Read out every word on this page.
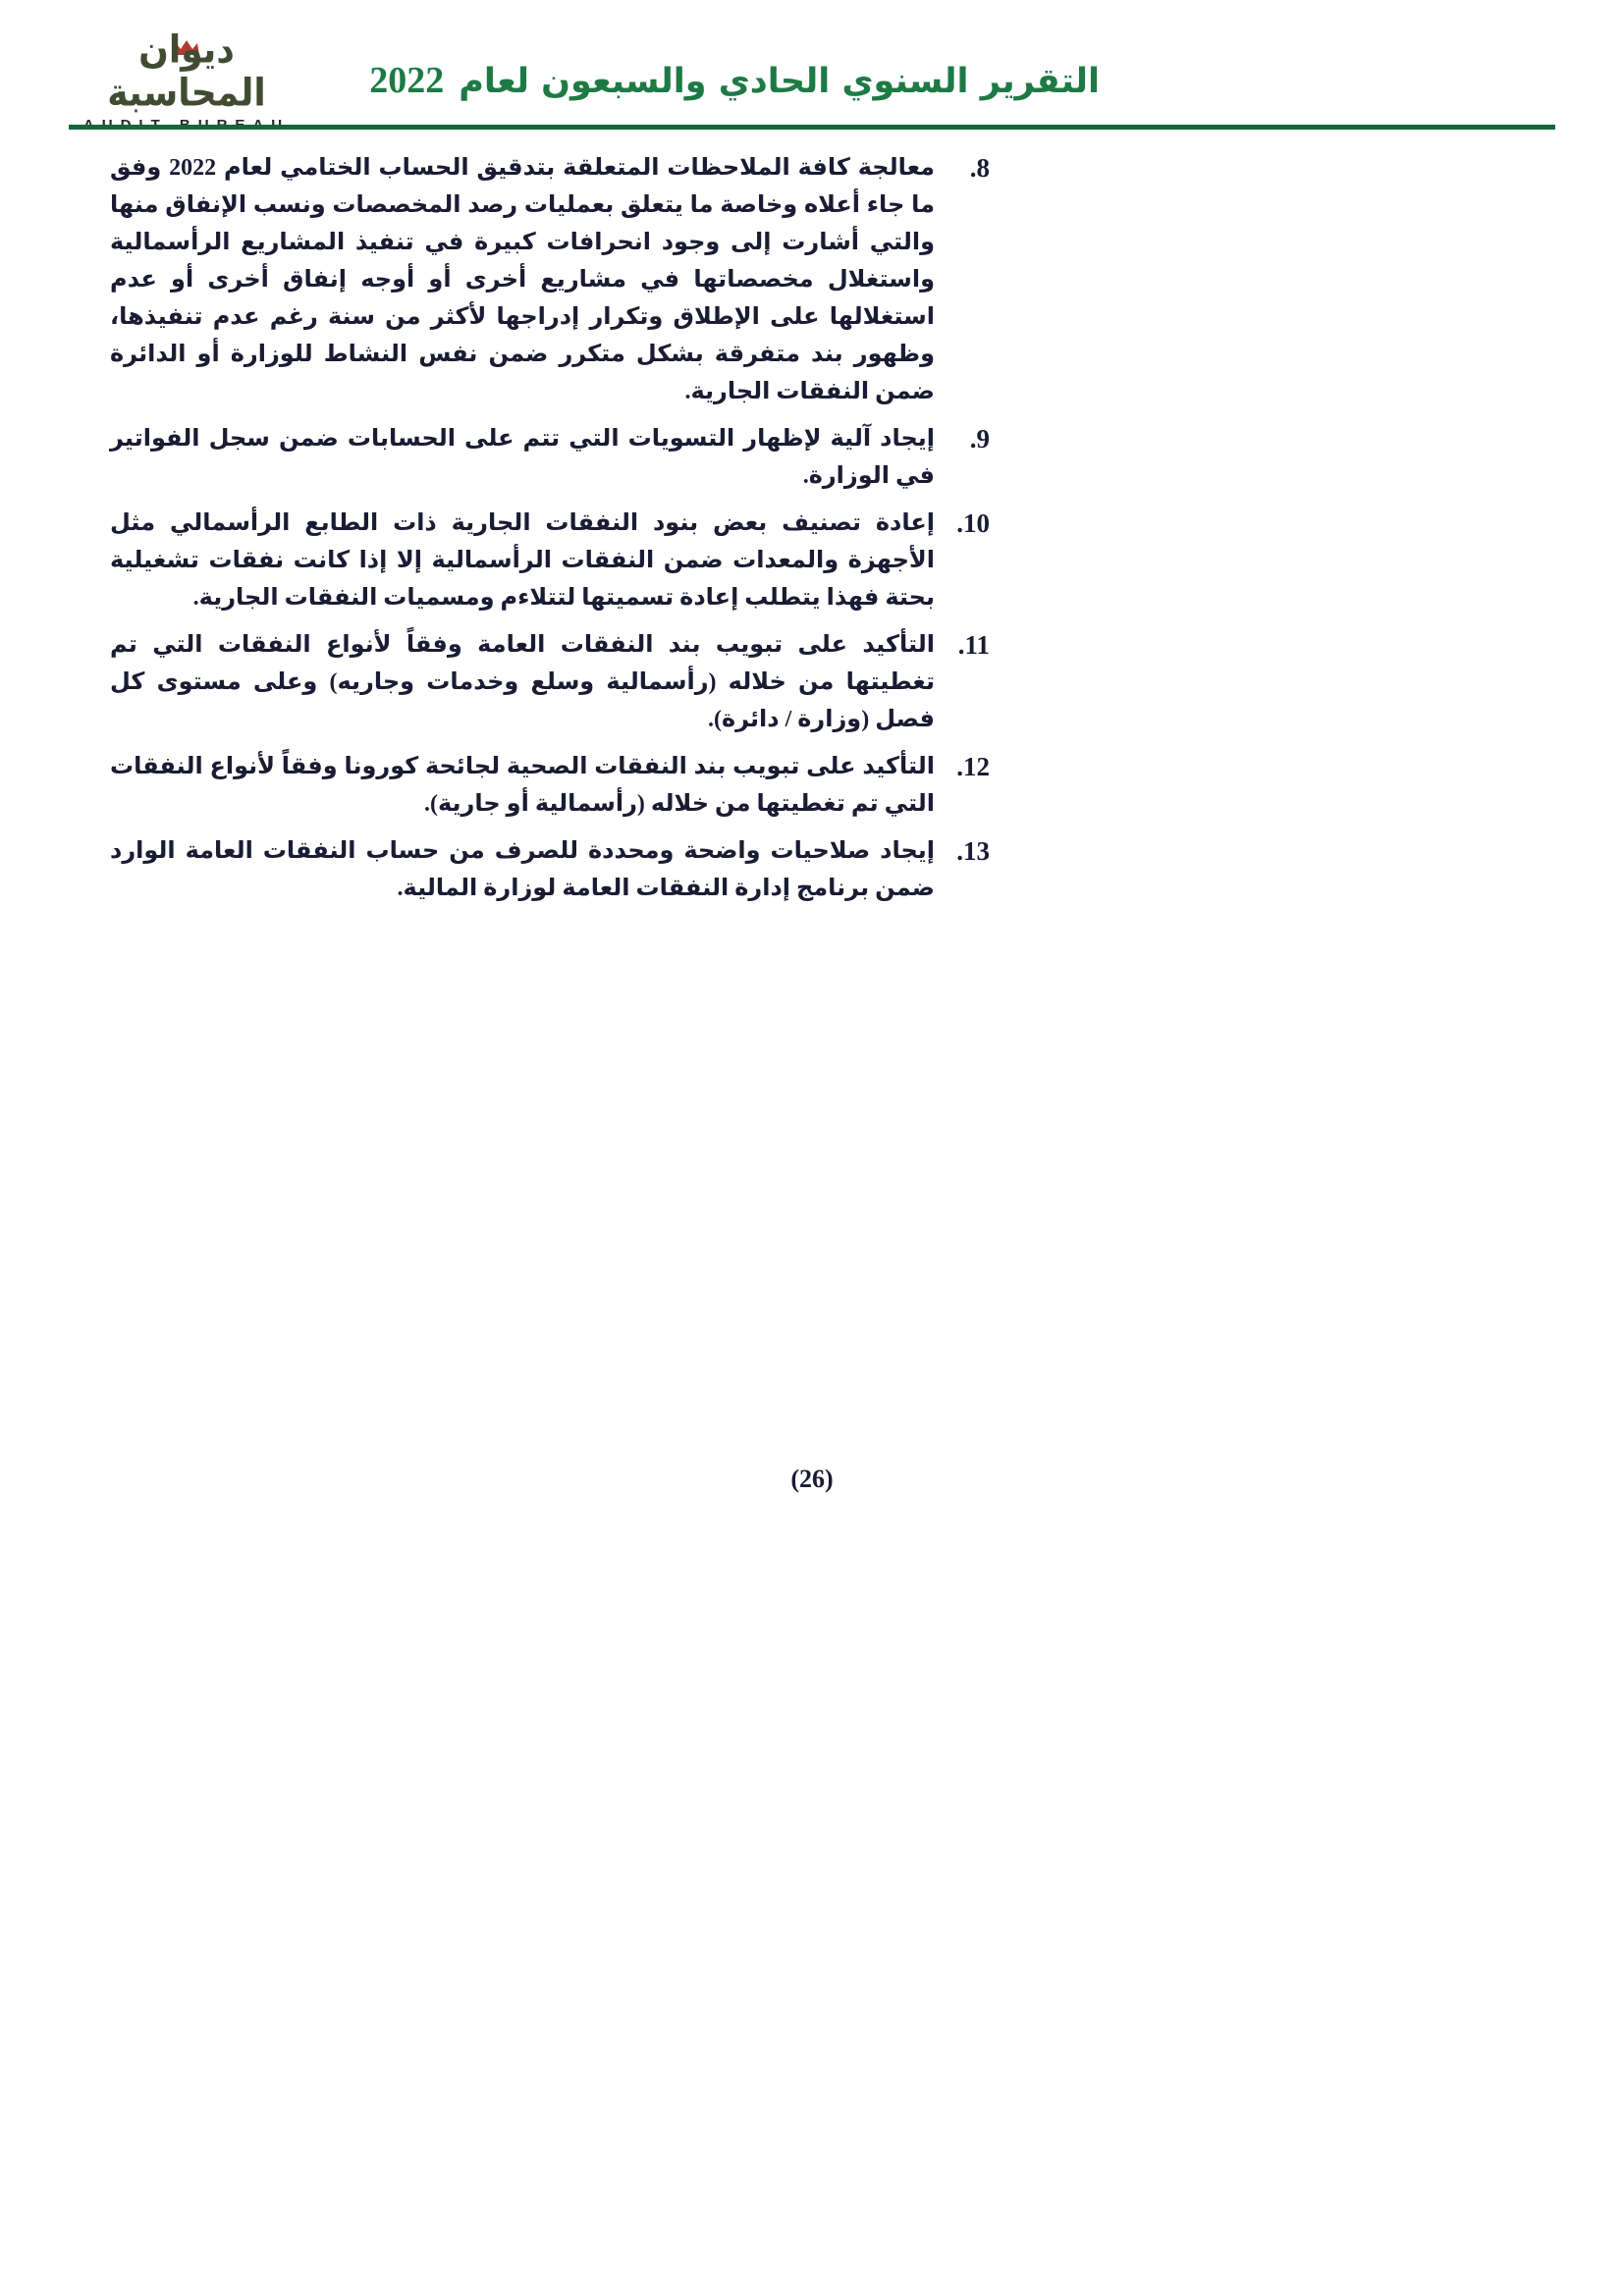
ديوان المحاسبة	التقرير السنوي الحادي والسبعون لعام 2022
.8
معالجة كافة الملاحظات المتعلقة بتدقيق الحساب الختامي لعام 2022 وفق ما جاء أعلاه وخاصة ما يتعلق بعمليات رصد المخصصات ونسب الإنفاق منها والتي أشارت إلى وجود انحرافات كبيرة في تنفيذ المشاريع الرأسمالية واستغلال مخصصاتها في مشاريع أخرى أو أوجه إنفاق أخرى أو عدم استغلالها على الإطلاق وتكرار إدراجها لأكثر من سنة رغم عدم تنفيذها، وظهور بند متفرقة بشكل متكرر ضمن نفس النشاط للوزارة أو الدائرة ضمن النفقات الجارية.
.9
إيجاد آلية لإظهار التسويات التي تتم على الحسابات ضمن سجل الفواتير في الوزارة.
.10
إعادة تصنيف بعض بنود النفقات الجارية ذات الطابع الرأسمالي مثل الأجهزة والمعدات ضمن النفقات الرأسمالية إلا إذا كانت نفقات تشغيلية بحتة فهذا يتطلب إعادة تسميتها لتتلاءم ومسميات النفقات الجارية.
.11
التأكيد على تبويب بند النفقات العامة وفقاً لأنواع النفقات التي تم تغطيتها من خلاله (رأسمالية وسلع وخدمات وجاريه) وعلى مستوى كل فصل (وزارة / دائرة).
.12
التأكيد على تبويب بند النفقات الصحية لجائحة كورونا وفقاً لأنواع النفقات التي تم تغطيتها من خلاله (رأسمالية أو جارية).
.13
إيجاد صلاحيات واضحة ومحددة للصرف من حساب النفقات العامة الوارد ضمن برنامج إدارة النفقات العامة لوزارة المالية.
(26)
